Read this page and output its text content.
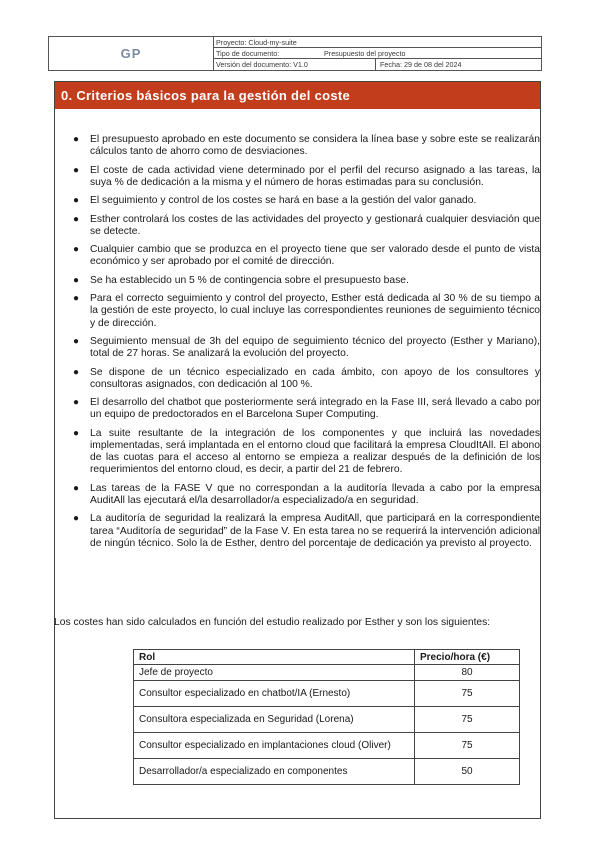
GP
Proyecto: Cloud-my-suite
Tipo de documento:	Presupuesto del proyecto
Versión del documento: V1.0	Fecha: 29 de 08 del 2024
0. Criterios básicos para la gestión del coste
● El presupuesto aprobado en este documento se considera la línea base y sobre este se realizarán cálculos tanto de ahorro como de desviaciones.
● El coste de cada actividad viene determinado por el perfil del recurso asignado a las tareas, la suya % de dedicación a la misma y el número de horas estimadas para su conclusión.
● El seguimiento y control de los costes se hará en base a la gestión del valor ganado.
● Esther controlará los costes de las actividades del proyecto y gestionará cualquier desviación que se detecte.
● Cualquier cambio que se produzca en el proyecto tiene que ser valorado desde el punto de vista económico y ser aprobado por el comité de dirección.
● Se ha establecido un 5 % de contingencia sobre el presupuesto base.
● Para el correcto seguimiento y control del proyecto, Esther está dedicada al 30 % de su tiempo a la gestión de este proyecto, lo cual incluye las correspondientes reuniones de seguimiento técnico y de dirección.
● Seguimiento mensual de 3h del equipo de seguimiento técnico del proyecto (Esther y Mariano), total de 27 horas. Se analizará la evolución del proyecto.
● Se dispone de un técnico especializado en cada ámbito, con apoyo de los consultores y consultoras asignados, con dedicación al 100 %.
● El desarrollo del chatbot que posteriormente será integrado en la Fase III, será llevado a cabo por un equipo de predoctorados en el Barcelona Super Computing.
● La suite resultante de la integración de los componentes y que incluirá las novedades implementadas, será implantada en el entorno cloud que facilitará la empresa CloudItAll. El abono de las cuotas para el acceso al entorno se empieza a realizar después de la definición de los requerimientos del entorno cloud, es decir, a partir del 21 de febrero.
● Las tareas de la FASE V que no correspondan a la auditoría llevada a cabo por la empresa AuditAll las ejecutará el/la desarrollador/a especializado/a en seguridad.
● La auditoría de seguridad la realizará la empresa AuditAll, que participará en la correspondiente tarea “Auditoría de seguridad” de la Fase V. En esta tarea no se requerirá la intervención adicional de ningún técnico. Solo la de Esther, dentro del porcentaje de dedicación ya previsto al proyecto.
Los costes han sido calculados en función del estudio realizado por Esther y son los siguientes:
Rol	Precio/hora (€)
Jefe de proyecto	80
Consultor especializado en chatbot/IA (Ernesto)	75
Consultora especializada en Seguridad (Lorena)	75
Consultor especializado en implantaciones cloud (Oliver)	75
Desarrollador/a especializado en componentes	50
